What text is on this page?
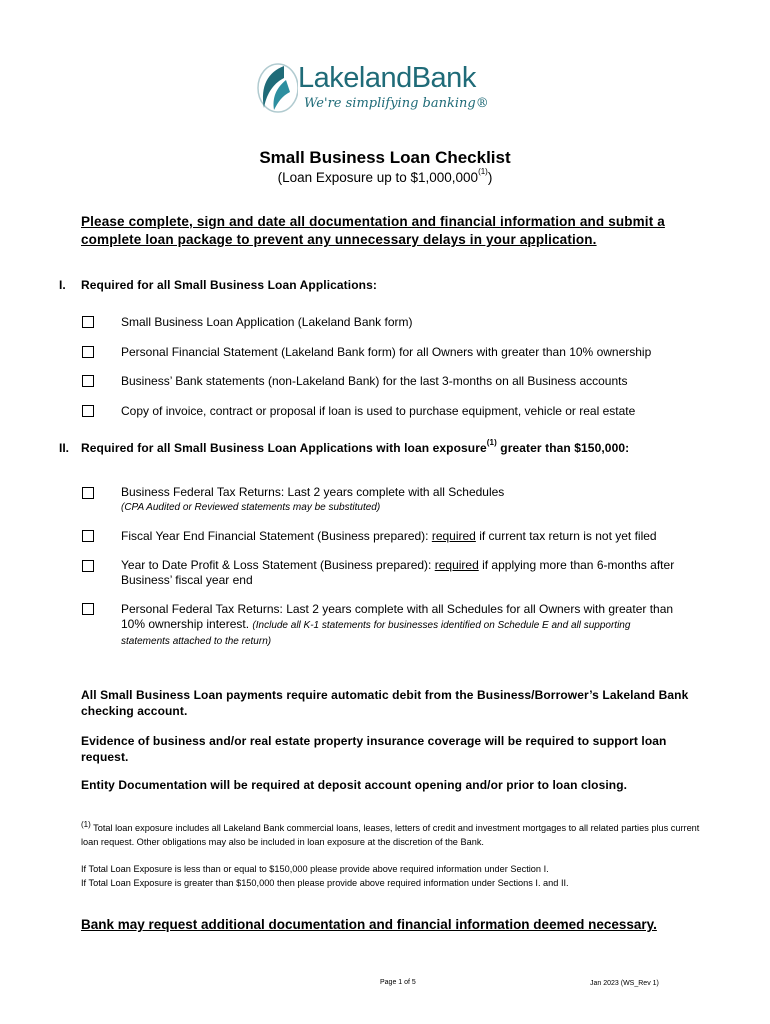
LakelandBank
We're simplifying banking®
Small Business Loan Checklist
(Loan Exposure up to $1,000,000$^{(1)}$)
Please complete, sign and date all documentation and financial information and submit a complete loan package to prevent any unnecessary delays in your application.
I. Required for all Small Business Loan Applications:
Small Business Loan Application (Lakeland Bank form)
Personal Financial Statement (Lakeland Bank form) for all Owners with greater than 10% ownership
Business’ Bank statements (non-Lakeland Bank) for the last 3-months on all Business accounts
Copy of invoice, contract or proposal if loan is used to purchase equipment, vehicle or real estate
II. Required for all Small Business Loan Applications with loan exposure$^{(1)}$ greater than $150,000:
Business Federal Tax Returns: Last 2 years complete with all Schedules
(CPA Audited or Reviewed statements may be substituted)
Fiscal Year End Financial Statement (Business prepared): required if current tax return is not yet filed
Year to Date Profit & Loss Statement (Business prepared): required if applying more than 6-months after Business’ fiscal year end
Personal Federal Tax Returns: Last 2 years complete with all Schedules for all Owners with greater than 10% ownership interest. (Include all K-1 statements for businesses identified on Schedule E and all supporting statements attached to the return)
All Small Business Loan payments require automatic debit from the Business/Borrower’s Lakeland Bank checking account.
Evidence of business and/or real estate property insurance coverage will be required to support loan request.
Entity Documentation will be required at deposit account opening and/or prior to loan closing.
$^{(1)}$ Total loan exposure includes all Lakeland Bank commercial loans, leases, letters of credit and investment mortgages to all related parties plus current loan request. Other obligations may also be included in loan exposure at the discretion of the Bank.
If Total Loan Exposure is less than or equal to $150,000 please provide above required information under Section I.
If Total Loan Exposure is greater than $150,000 then please provide above required information under Sections I. and II.
Bank may request additional documentation and financial information deemed necessary.
Page 1 of 5	Jan 2023 (WS_Rev 1)
